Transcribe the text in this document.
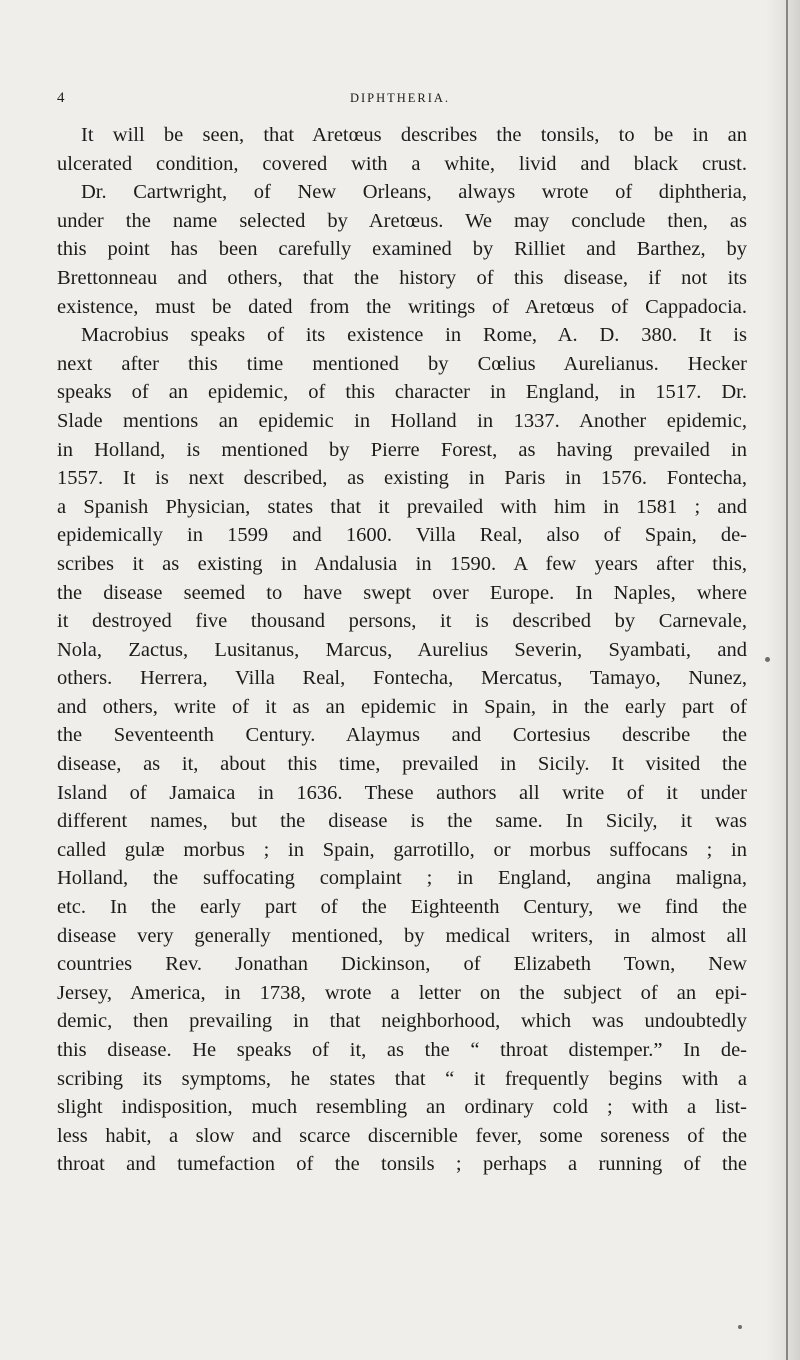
4	DIPHTHERIA.
It will be seen, that Aretœus describes the tonsils, to be in an
ulcerated condition, covered with a white, livid and black crust.
Dr. Cartwright, of New Orleans, always wrote of diphtheria,
under the name selected by Aretœus. We may conclude then, as
this point has been carefully examined by Rilliet and Barthez, by
Brettonneau and others, that the history of this disease, if not its
existence, must be dated from the writings of Aretœus of Cappadocia.
Macrobius speaks of its existence in Rome, A. D. 380. It is
next after this time mentioned by Cœlius Aurelianus. Hecker
speaks of an epidemic, of this character in England, in 1517. Dr.
Slade mentions an epidemic in Holland in 1337. Another epidemic,
in Holland, is mentioned by Pierre Forest, as having prevailed in
1557. It is next described, as existing in Paris in 1576. Fontecha,
a Spanish Physician, states that it prevailed with him in 1581 ; and
epidemically in 1599 and 1600. Villa Real, also of Spain, de-
scribes it as existing in Andalusia in 1590. A few years after this,
the disease seemed to have swept over Europe. In Naples, where
it destroyed five thousand persons, it is described by Carnevale,
Nola, Zactus, Lusitanus, Marcus, Aurelius Severin, Syambati, and
others. Herrera, Villa Real, Fontecha, Mercatus, Tamayo, Nunez,
and others, write of it as an epidemic in Spain, in the early part of
the Seventeenth Century. Alaymus and Cortesius describe the
disease, as it, about this time, prevailed in Sicily. It visited the
Island of Jamaica in 1636. These authors all write of it under
different names, but the disease is the same. In Sicily, it was
called gulæ morbus ; in Spain, garrotillo, or morbus suffocans ; in
Holland, the suffocating complaint ; in England, angina maligna,
etc. In the early part of the Eighteenth Century, we find the
disease very generally mentioned, by medical writers, in almost all
countries Rev. Jonathan Dickinson, of Elizabeth Town, New
Jersey, America, in 1738, wrote a letter on the subject of an epi-
demic, then prevailing in that neighborhood, which was undoubtedly
this disease. He speaks of it, as the “ throat distemper.” In de-
scribing its symptoms, he states that “ it frequently begins with a
slight indisposition, much resembling an ordinary cold ; with a list-
less habit, a slow and scarce discernible fever, some soreness of the
throat and tumefaction of the tonsils ; perhaps a running of the
